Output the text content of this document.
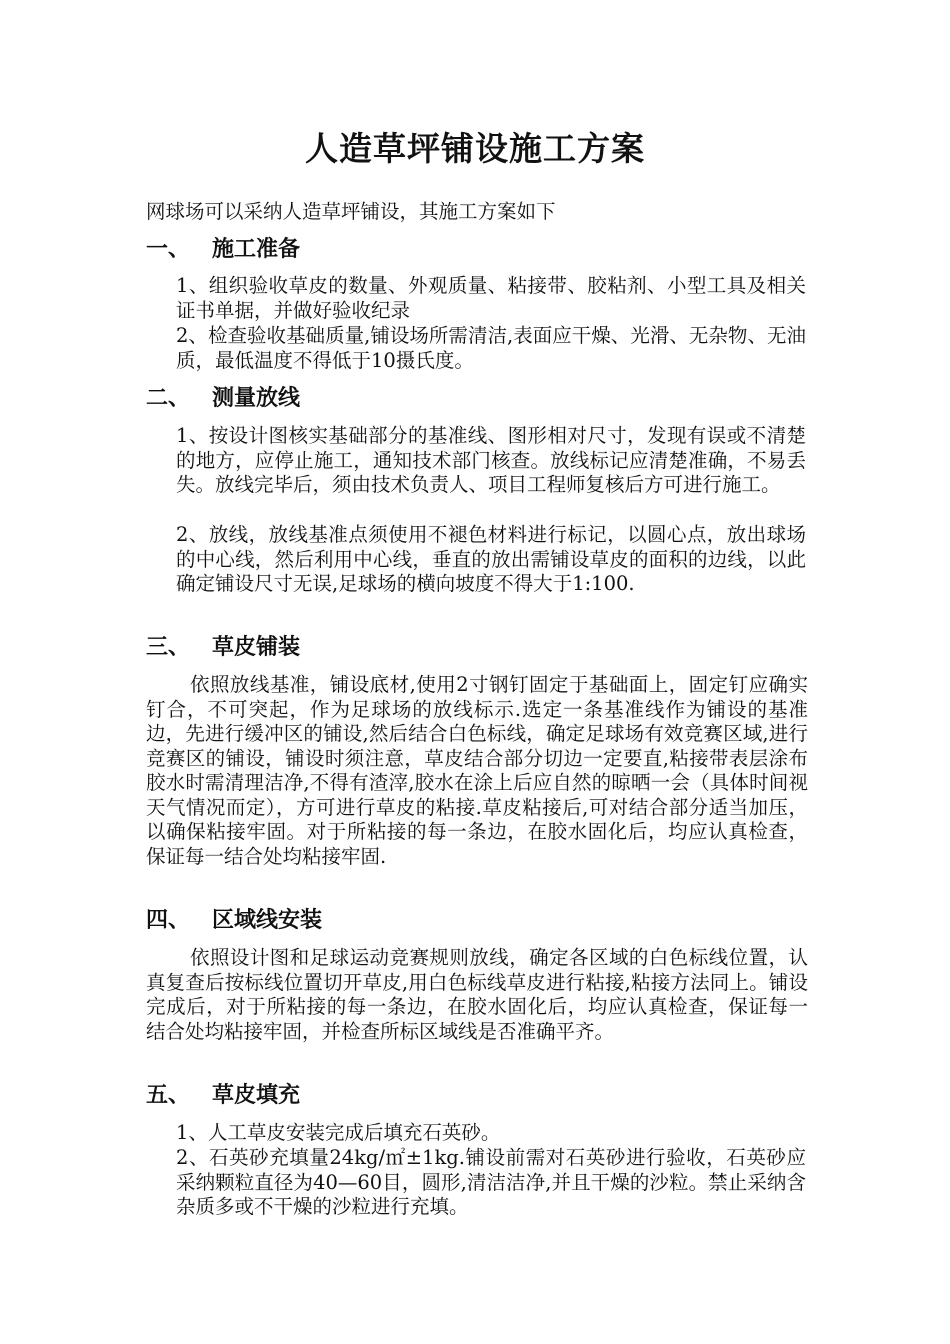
人造草坪铺设施工方案
网球场可以采纳人造草坪铺设，其施工方案如下
一、 施工准备
1、组织验收草皮的数量、外观质量、粘接带、胶粘剂、小型工具及相关证书单据，并做好验收纪录
2、检查验收基础质量,铺设场所需清洁,表面应干燥、光滑、无杂物、无油质，最低温度不得低于10摄氏度。
二、 测量放线
1、按设计图核实基础部分的基准线、图形相对尺寸，发现有误或不清楚的地方，应停止施工，通知技术部门核查。放线标记应清楚准确，不易丢失。放线完毕后，须由技术负责人、项目工程师复核后方可进行施工。
2、放线，放线基准点须使用不褪色材料进行标记，以圆心点，放出球场的中心线，然后利用中心线，垂直的放出需铺设草皮的面积的边线，以此确定铺设尺寸无误,足球场的横向坡度不得大于1:100.
三、 草皮铺装
依照放线基准，铺设底材,使用2寸钢钉固定于基础面上，固定钉应确实钉合，不可突起，作为足球场的放线标示.选定一条基准线作为铺设的基准边，先进行缓冲区的铺设,然后结合白色标线，确定足球场有效竞赛区域,进行竞赛区的铺设，铺设时须注意，草皮结合部分切边一定要直,粘接带表层涂布胶水时需清理洁净,不得有渣滓,胶水在涂上后应自然的晾晒一会（具体时间视天气情况而定），方可进行草皮的粘接.草皮粘接后,可对结合部分适当加压，以确保粘接牢固。对于所粘接的每一条边，在胶水固化后，均应认真检查，保证每一结合处均粘接牢固.
四、 区域线安装
依照设计图和足球运动竞赛规则放线，确定各区域的白色标线位置，认真复查后按标线位置切开草皮,用白色标线草皮进行粘接,粘接方法同上。铺设完成后，对于所粘接的每一条边，在胶水固化后，均应认真检查，保证每一结合处均粘接牢固，并检查所标区域线是否准确平齐。
五、 草皮填充
1、人工草皮安装完成后填充石英砂。
2、石英砂充填量24kg/㎡±1kg.铺设前需对石英砂进行验收，石英砂应采纳颗粒直径为40—60目，圆形,清洁洁净,并且干燥的沙粒。禁止采纳含杂质多或不干燥的沙粒进行充填。
